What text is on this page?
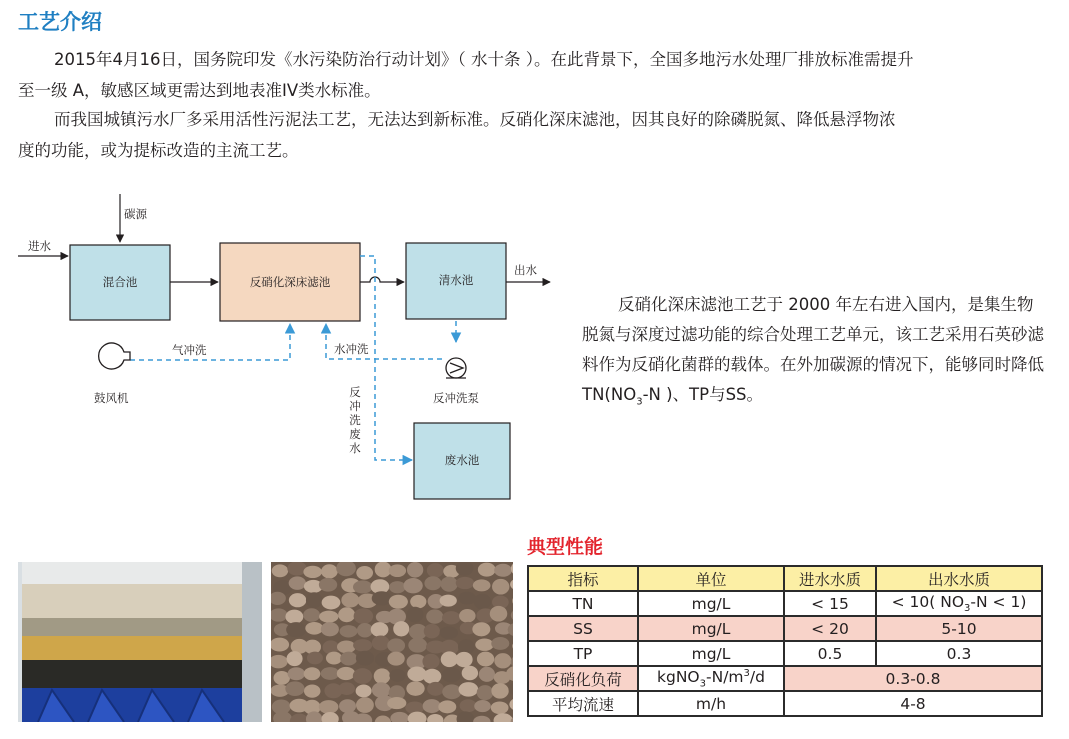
工艺介绍

2015年4月16日，国务院印发《水污染防治行动计划》（ 水十条 ）。在此背景下，全国多地污水处理厂排放标准需提升
至一级 A，敏感区域更需达到地表准IV类水标准。

而我国城镇污水厂多采用活性污泥法工艺，无法达到新标准。反硝化深床滤池，因其良好的除磷脱氮、降低悬浮物浓
度的功能，或为提标改造的主流工艺。

进水
碳源
混合池	反硝化深床滤池	清水池
出水
气冲洗	水冲洗
鼓风机	反冲洗泵
废水池
反
冲
洗
废
水

反硝化深床滤池工艺于 2000 年左右进入国内，是集生物脱氮与深度过滤功能的综合处理工艺单元，该工艺采用石英砂滤料作为反硝化菌群的载体。在外加碳源的情况下，能够同时降低$TN(NO_3-N$ )、TP与SS。

典型性能
指标	单位	进水水质	出水水质
TN	mg/L	< 15	< 10( $NO_3-N < 1$)
SS	mg/L	< 20	5-10
TP	mg/L	0.5	0.3
反硝化负荷	$kgNO_3-N/m^3/d$	0.3-0.8	
平均流速	m/h	4-8	
